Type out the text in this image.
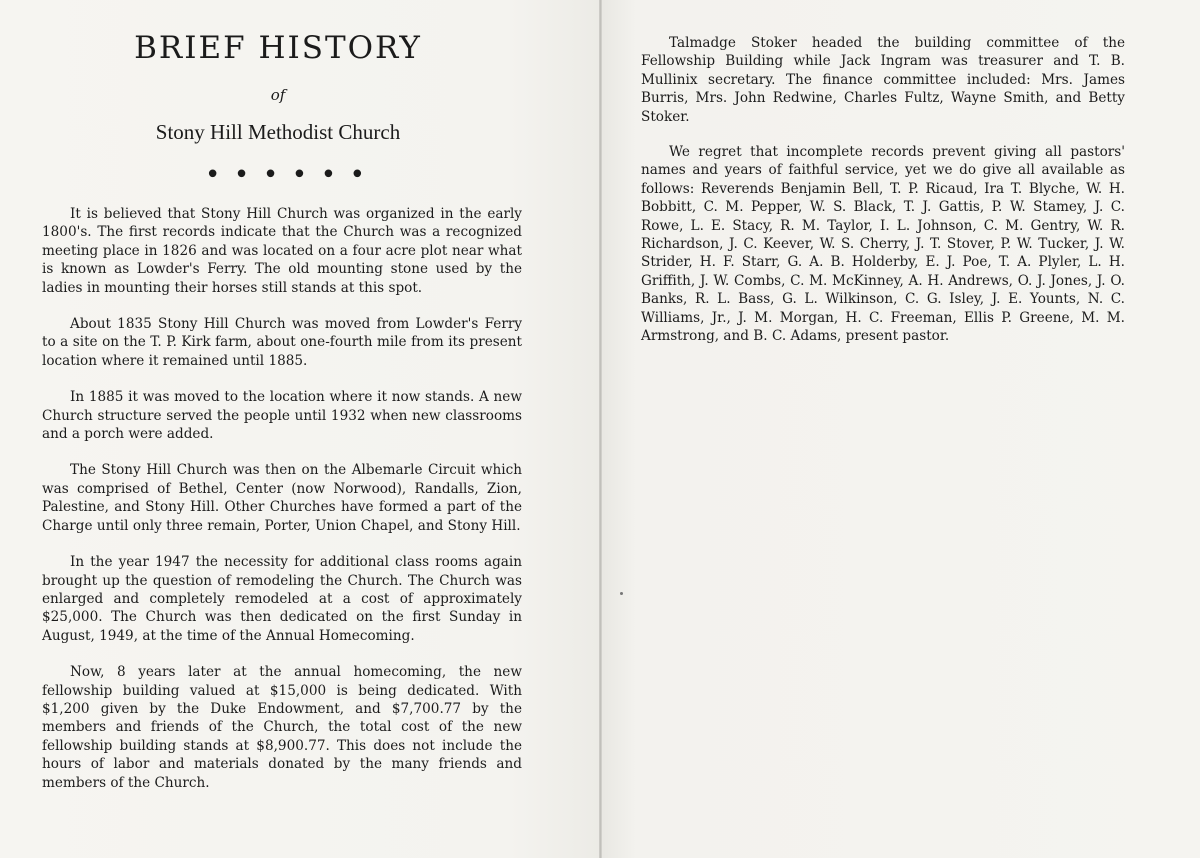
BRIEF HISTORY
of
Stony Hill Methodist Church
• • • • • •

It is believed that Stony Hill Church was organized in the early 1800's. The first records indicate that the Church was a recognized meeting place in 1826 and was located on a four acre plot near what is known as Lowder's Ferry. The old mounting stone used by the ladies in mounting their horses still stands at this spot.

About 1835 Stony Hill Church was moved from Lowder's Ferry to a site on the T. P. Kirk farm, about one-fourth mile from its present location where it remained until 1885.

In 1885 it was moved to the location where it now stands. A new Church structure served the people until 1932 when new classrooms and a porch were added.

The Stony Hill Church was then on the Albemarle Circuit which was comprised of Bethel, Center (now Norwood), Randalls, Zion, Palestine, and Stony Hill. Other Churches have formed a part of the Charge until only three remain, Porter, Union Chapel, and Stony Hill.

In the year 1947 the necessity for additional class rooms again brought up the question of remodeling the Church. The Church was enlarged and completely remodeled at a cost of approximately $25,000. The Church was then dedicated on the first Sunday in August, 1949, at the time of the Annual Homecoming.

Now, 8 years later at the annual homecoming, the new fellowship building valued at $15,000 is being dedicated. With $1,200 given by the Duke Endowment, and $7,700.77 by the members and friends of the Church, the total cost of the new fellowship building stands at $8,900.77. This does not include the hours of labor and materials donated by the many friends and members of the Church.

Talmadge Stoker headed the building committee of the Fellowship Building while Jack Ingram was treasurer and T. B. Mullinix secretary. The finance committee included: Mrs. James Burris, Mrs. John Redwine, Charles Fultz, Wayne Smith, and Betty Stoker.

We regret that incomplete records prevent giving all pastors' names and years of faithful service, yet we do give all available as follows: Reverends Benjamin Bell, T. P. Ricaud, Ira T. Blyche, W. H. Bobbitt, C. M. Pepper, W. S. Black, T. J. Gattis, P. W. Stamey, J. C. Rowe, L. E. Stacy, R. M. Taylor, I. L. Johnson, C. M. Gentry, W. R. Richardson, J. C. Keever, W. S. Cherry, J. T. Stover, P. W. Tucker, J. W. Strider, H. F. Starr, G. A. B. Holderby, E. J. Poe, T. A. Plyler, L. H. Griffith, J. W. Combs, C. M. McKinney, A. H. Andrews, O. J. Jones, J. O. Banks, R. L. Bass, G. L. Wilkinson, C. G. Isley, J. E. Younts, N. C. Williams, Jr., J. M. Morgan, H. C. Freeman, Ellis P. Greene, M. M. Armstrong, and B. C. Adams, present pastor.
